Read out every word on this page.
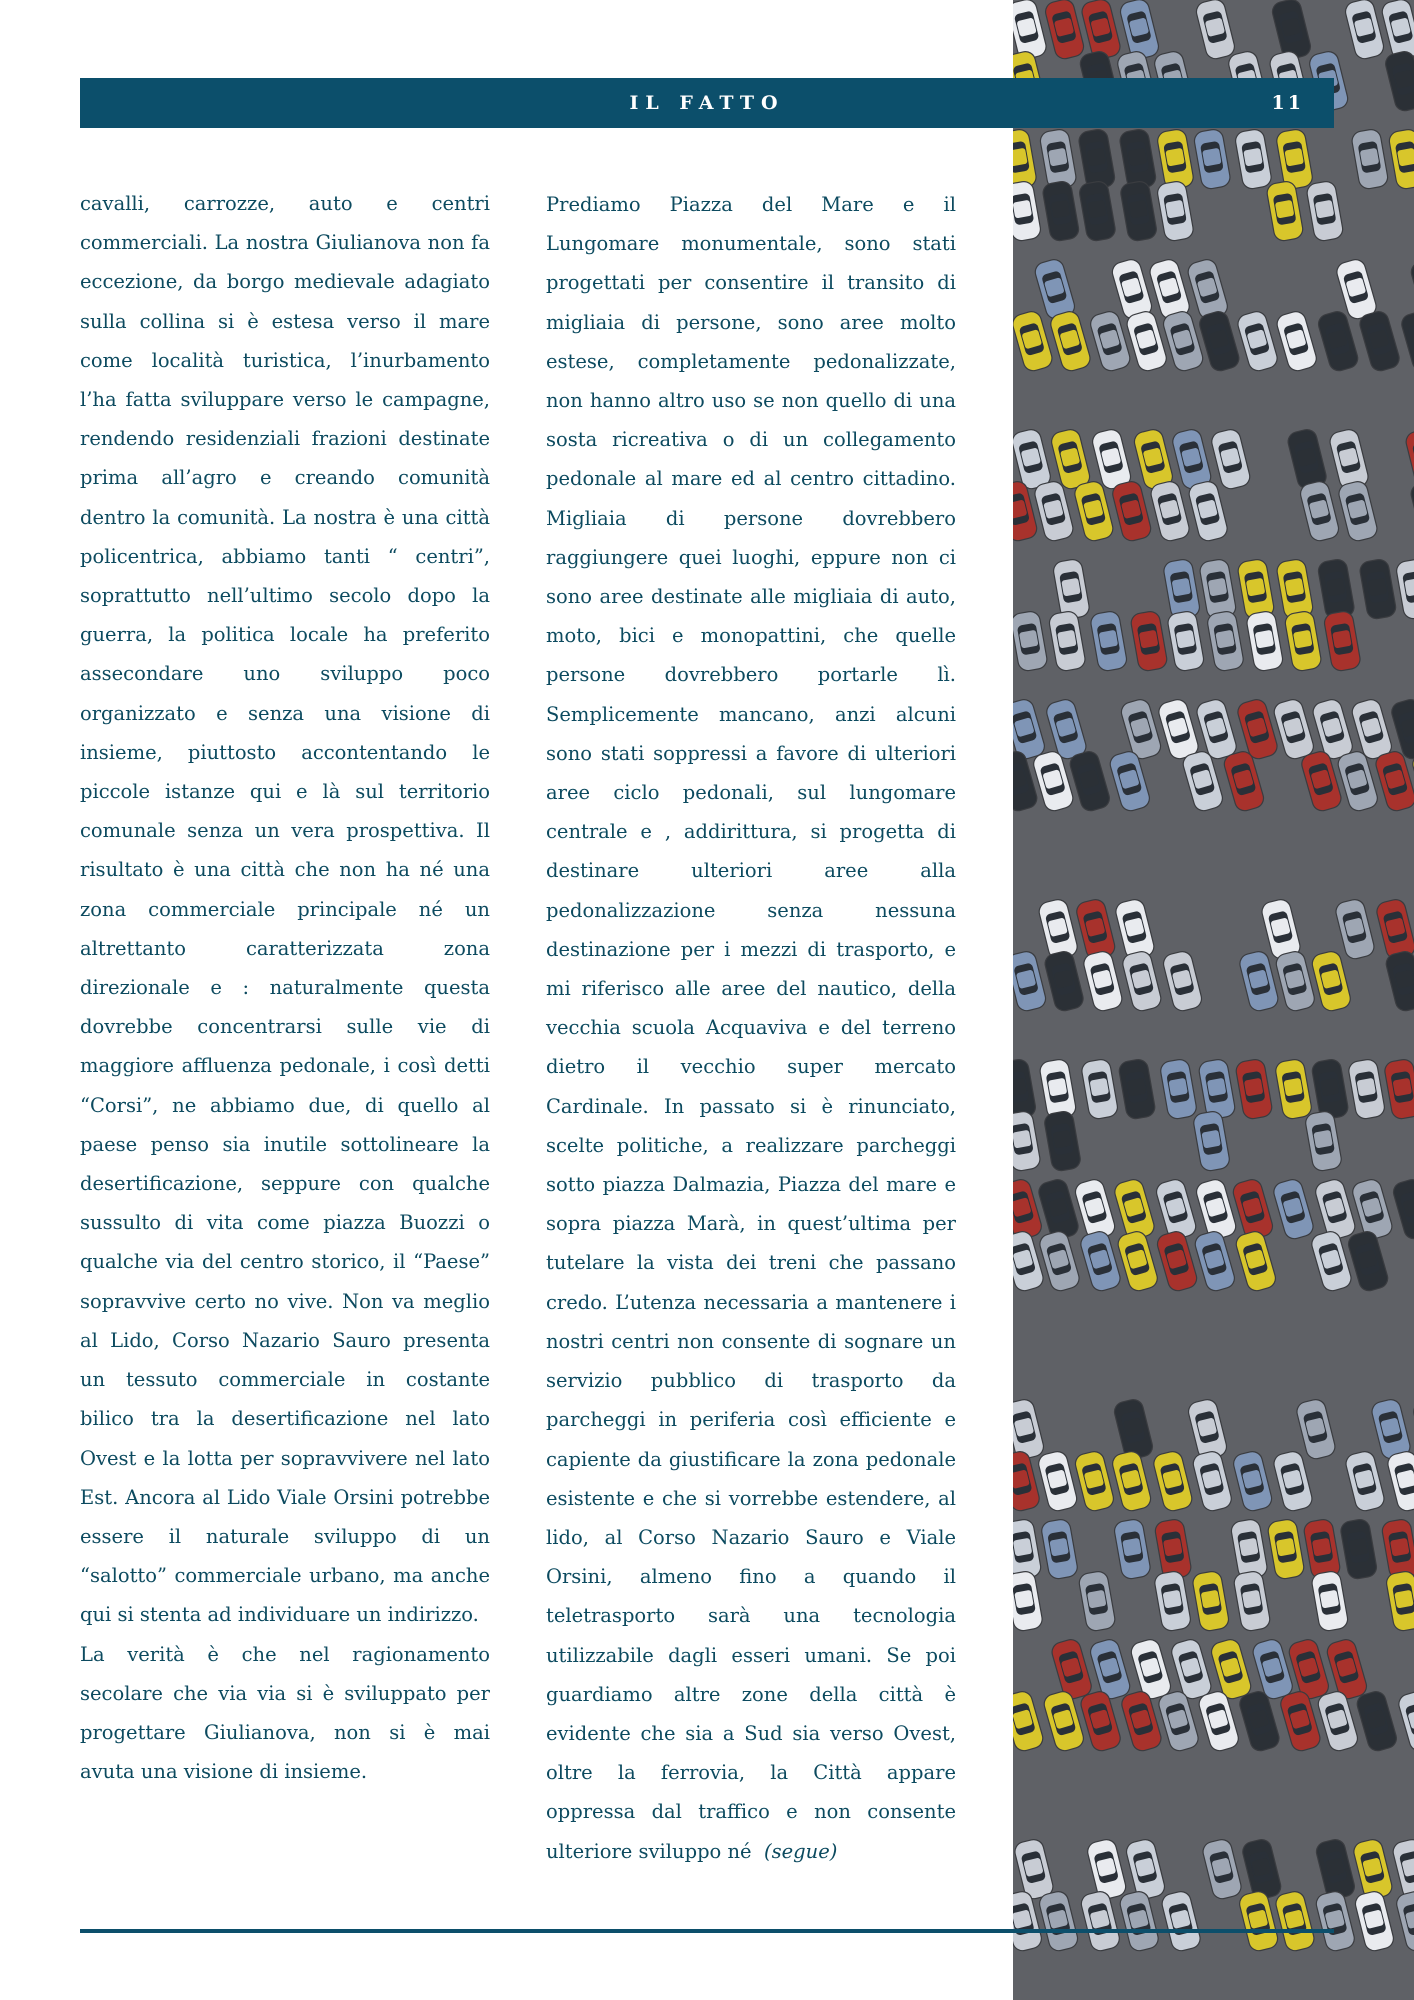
IL FATTO	11

cavalli, carrozze, auto e centri commerciali. La nostra Giulianova non fa eccezione, da borgo medievale adagiato sulla collina si è estesa verso il mare come località turistica, l’inurbamento l’ha fatta sviluppare verso le campagne, rendendo residenziali frazioni destinate prima all’agro e creando comunità dentro la comunità. La nostra è una città policentrica, abbiamo tanti “ centri”, soprattutto nell’ultimo secolo dopo la guerra, la politica locale ha preferito assecondare uno sviluppo poco organizzato e senza una visione di insieme, piuttosto accontentando le piccole istanze qui e là sul territorio comunale senza un vera prospettiva. Il risultato è una città che non ha né una zona commerciale principale né un altrettanto caratterizzata zona direzionale e : naturalmente questa dovrebbe concentrarsi sulle vie di maggiore affluenza pedonale, i così detti “Corsi”, ne abbiamo due, di quello al paese penso sia inutile sottolineare la desertificazione, seppure con qualche sussulto di vita come piazza Buozzi o qualche via del centro storico, il “Paese” sopravvive certo no vive. Non va meglio al Lido, Corso Nazario Sauro presenta un tessuto commerciale in costante bilico tra la desertificazione nel lato Ovest e la lotta per sopravvivere nel lato Est. Ancora al Lido Viale Orsini potrebbe essere il naturale sviluppo di un “salotto” commerciale urbano, ma anche qui si stenta ad individuare un indirizzo.

La verità è che nel ragionamento secolare che via via si è sviluppato per progettare Giulianova, non si è mai avuta una visione di insieme.

Prediamo Piazza del Mare e il Lungomare monumentale, sono stati progettati per consentire il transito di migliaia di persone, sono aree molto estese, completamente pedonalizzate, non hanno altro uso se non quello di una sosta ricreativa o di un collegamento pedonale al mare ed al centro cittadino. Migliaia di persone dovrebbero raggiungere quei luoghi, eppure non ci sono aree destinate alle migliaia di auto, moto, bici e monopattini, che quelle persone dovrebbero portarle lì. Semplicemente mancano, anzi alcuni sono stati soppressi a favore di ulteriori aree ciclo pedonali, sul lungomare centrale e , addirittura, si progetta di destinare ulteriori aree alla pedonalizzazione senza nessuna destinazione per i mezzi di trasporto, e mi riferisco alle aree del nautico, della vecchia scuola Acquaviva e del terreno dietro il vecchio super mercato Cardinale. In passato si è rinunciato, scelte politiche, a realizzare parcheggi sotto piazza Dalmazia, Piazza del mare e sopra piazza Marà, in quest’ultima per tutelare la vista dei treni che passano credo. L’utenza necessaria a mantenere i nostri centri non consente di sognare un servizio pubblico di trasporto da parcheggi in periferia così efficiente e capiente da giustificare la zona pedonale esistente e che si vorrebbe estendere, al lido, al Corso Nazario Sauro e Viale Orsini, almeno fino a quando il teletrasporto sarà una tecnologia utilizzabile dagli esseri umani. Se poi guardiamo altre zone della città è evidente che sia a Sud sia verso Ovest, oltre la ferrovia, la Città appare oppressa dal traffico e non consente ulteriore sviluppo né (segue)
